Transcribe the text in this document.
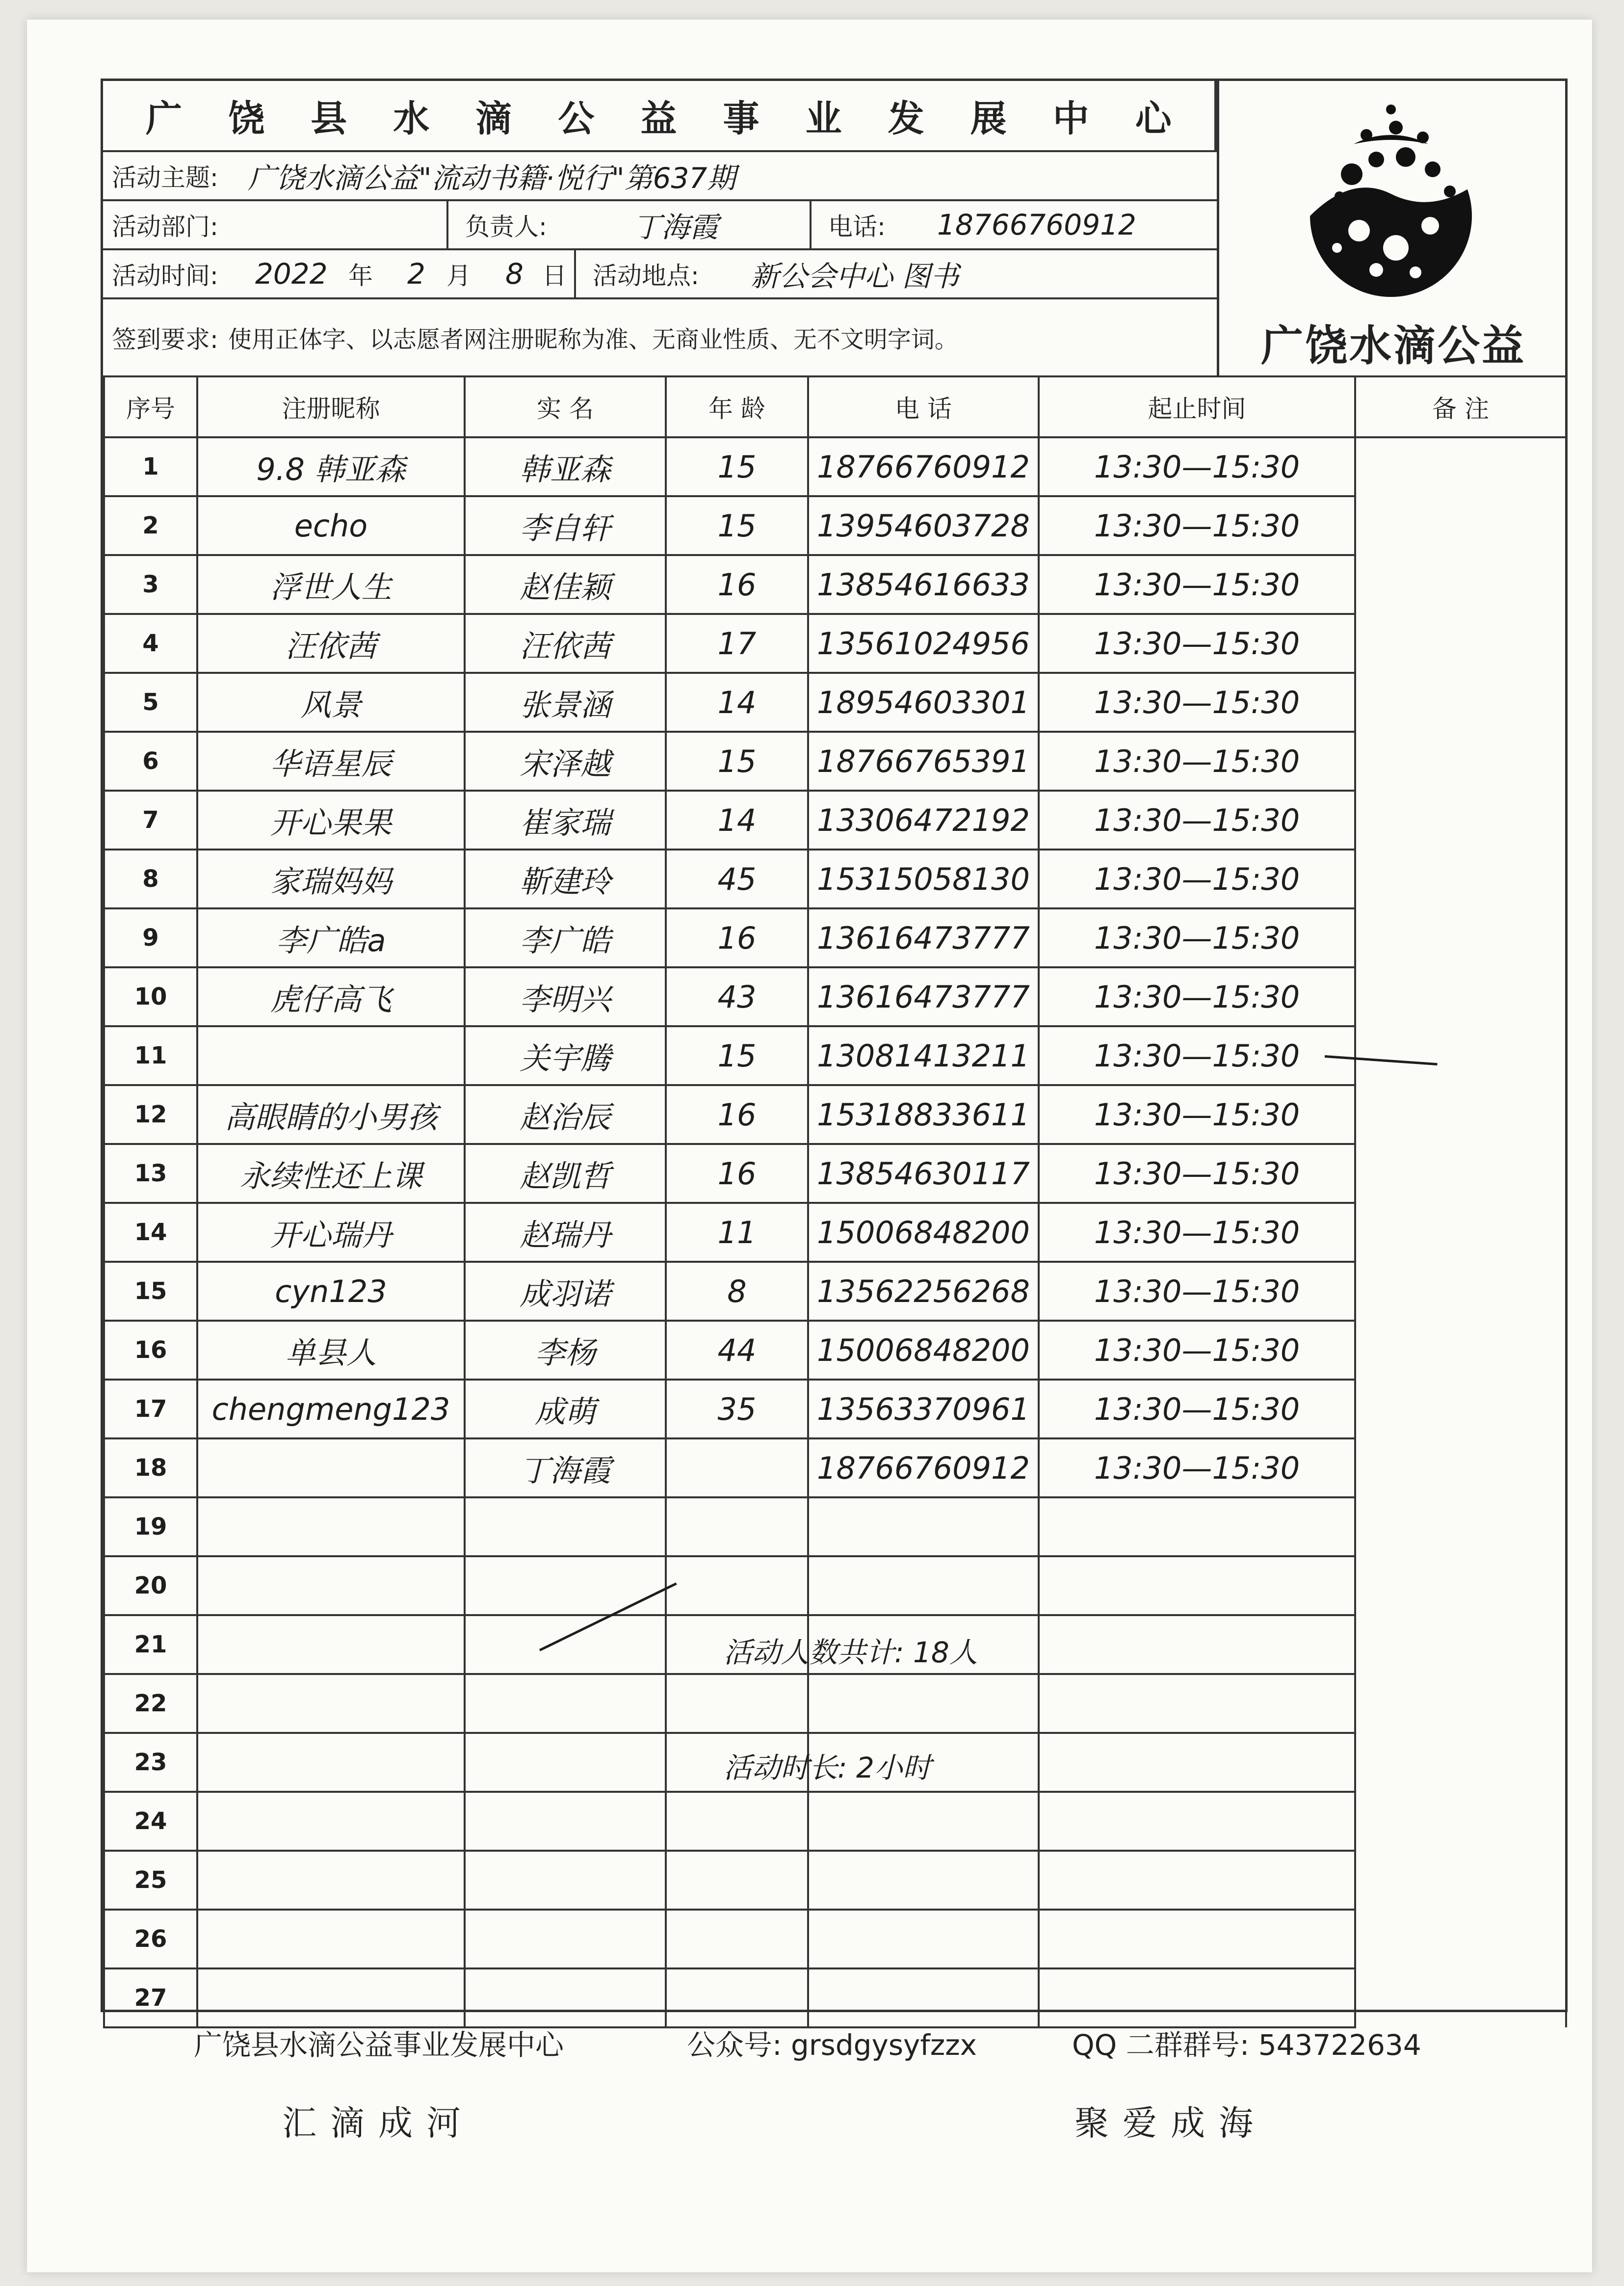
广 饶 县 水 滴 公 益 事 业 发 展 中 心
广饶水滴公益
活动主题: 广饶水滴公益"流动书籍·悦行"第637期
活动部门:	负责人:	丁海霞	电话: 18766760912
活动时间: 2022 年 2 月 8 日	活动地点: 新公会中心 图书
签到要求: 使用正体字、以志愿者网注册昵称为准、无商业性质、无不文明字词。
序号	注册昵称	实 名	年 龄	电 话	起止时间	备 注
1	9.8 韩亚森	韩亚森	15	18766760912	13:30—15:30	
2	echo	李自轩	15	13954603728	13:30—15:30	
3	浮世人生	赵佳颖	16	13854616633	13:30—15:30	
4	汪依茜	汪依茜	17	13561024956	13:30—15:30	
5	风景	张景涵	14	18954603301	13:30—15:30	
6	华语星辰	宋泽越	15	18766765391	13:30—15:30	
7	开心果果	崔家瑞	14	13306472192	13:30—15:30	
8	家瑞妈妈	靳建玲	45	15315058130	13:30—15:30	
9	李广皓a	李广皓	16	13616473777	13:30—15:30	
10	虎仔高飞	李明兴	43	13616473777	13:30—15:30	
11		关宇腾	15	13081413211	13:30—15:30	
12	高眼睛的小男孩	赵治辰	16	15318833611	13:30—15:30	
13	永续性还上课	赵凯哲	16	13854630117	13:30—15:30	
14	开心瑞丹	赵瑞丹	11	15006848200	13:30—15:30	
15	cyn123	成羽诺	8	13562256268	13:30—15:30	
16	单县人	李杨	44	15006848200	13:30—15:30	
17	chengmeng123	成萌	35	13563370961	13:30—15:30	
18		丁海霞		18766760912	13:30—15:30	
19						
20						
21						
22						
23						
24						
25						
26						
27						
活动人数共计: 18人
活动时长: 2小时
广饶县水滴公益事业发展中心	公众号: grsdgysyfzzx	QQ 二群群号: 543722634
汇滴成河	聚爱成海
